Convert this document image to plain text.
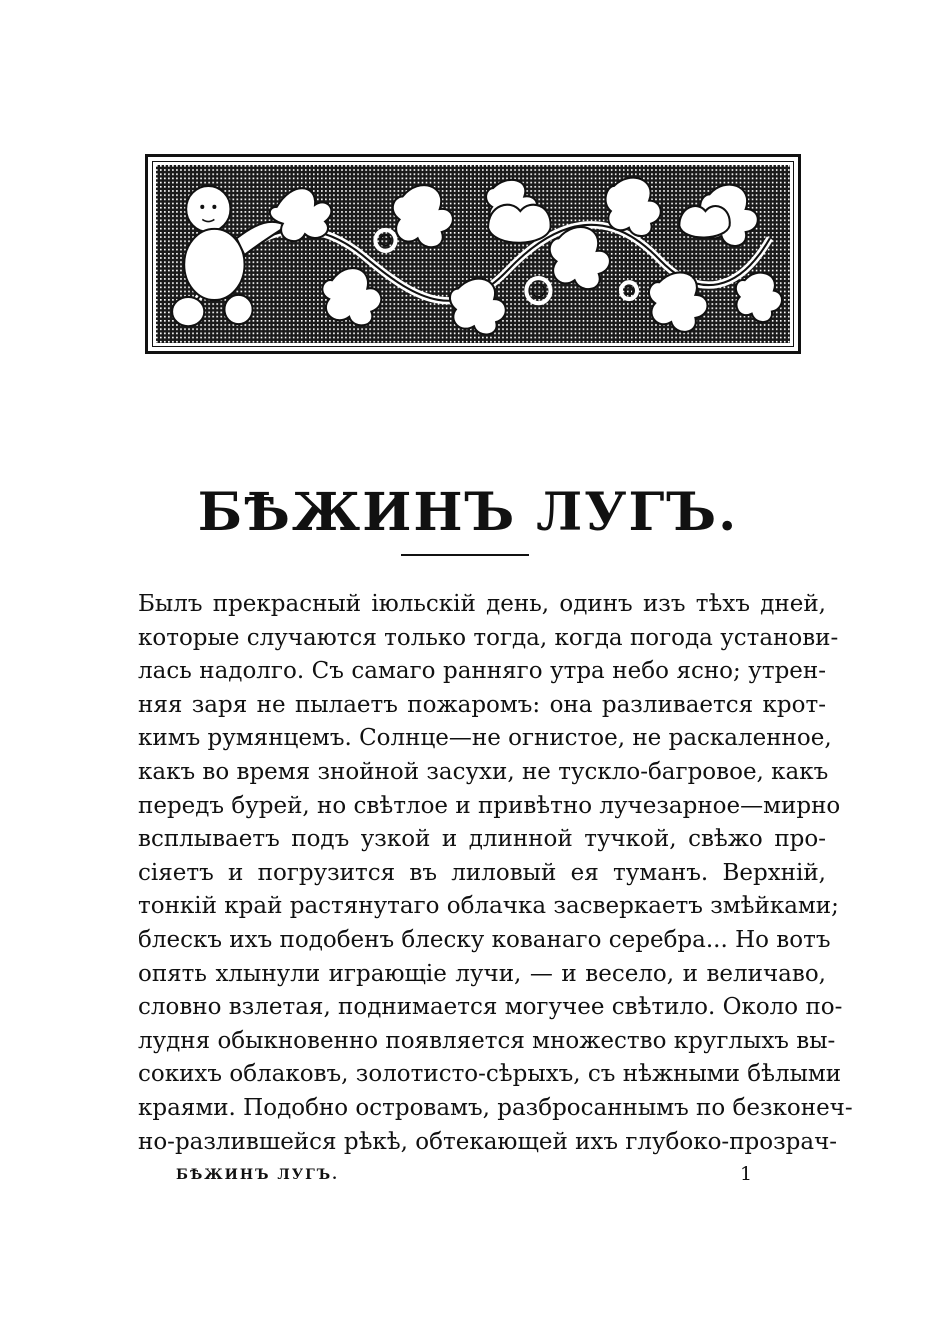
БѢЖИНЪ ЛУГЪ.
Былъ прекрасный іюльскій день, одинъ изъ тѣхъ дней,
которые случаются только тогда, когда погода установи-
лась надолго. Съ самаго ранняго утра небо ясно; утрен-
няя заря не пылаетъ пожаромъ: она разливается крот-
кимъ румянцемъ. Солнце—не огнистое, не раскаленное,
какъ во время знойной засухи, не тускло-багровое, какъ
передъ бурей, но свѣтлое и привѣтно лучезарное—мирно
всплываетъ подъ узкой и длинной тучкой, свѣжо про-
сіяетъ и погрузится въ лиловый ея туманъ. Верхній,
тонкій край растянутаго облачка засверкаетъ змѣйками;
блескъ ихъ подобенъ блеску кованаго серебра... Но вотъ
опять хлынули играющіе лучи, — и весело, и величаво,
словно взлетая, поднимается могучее свѣтило. Около по-
лудня обыкновенно появляется множество круглыхъ вы-
сокихъ облаковъ, золотисто-сѣрыхъ, съ нѣжными бѣлыми
краями. Подобно островамъ, разбросаннымъ по безконеч-
но-разлившейся рѣкѣ, обтекающей ихъ глубоко-прозрач-
БѢЖИНЪ ЛУГЪ.	1
